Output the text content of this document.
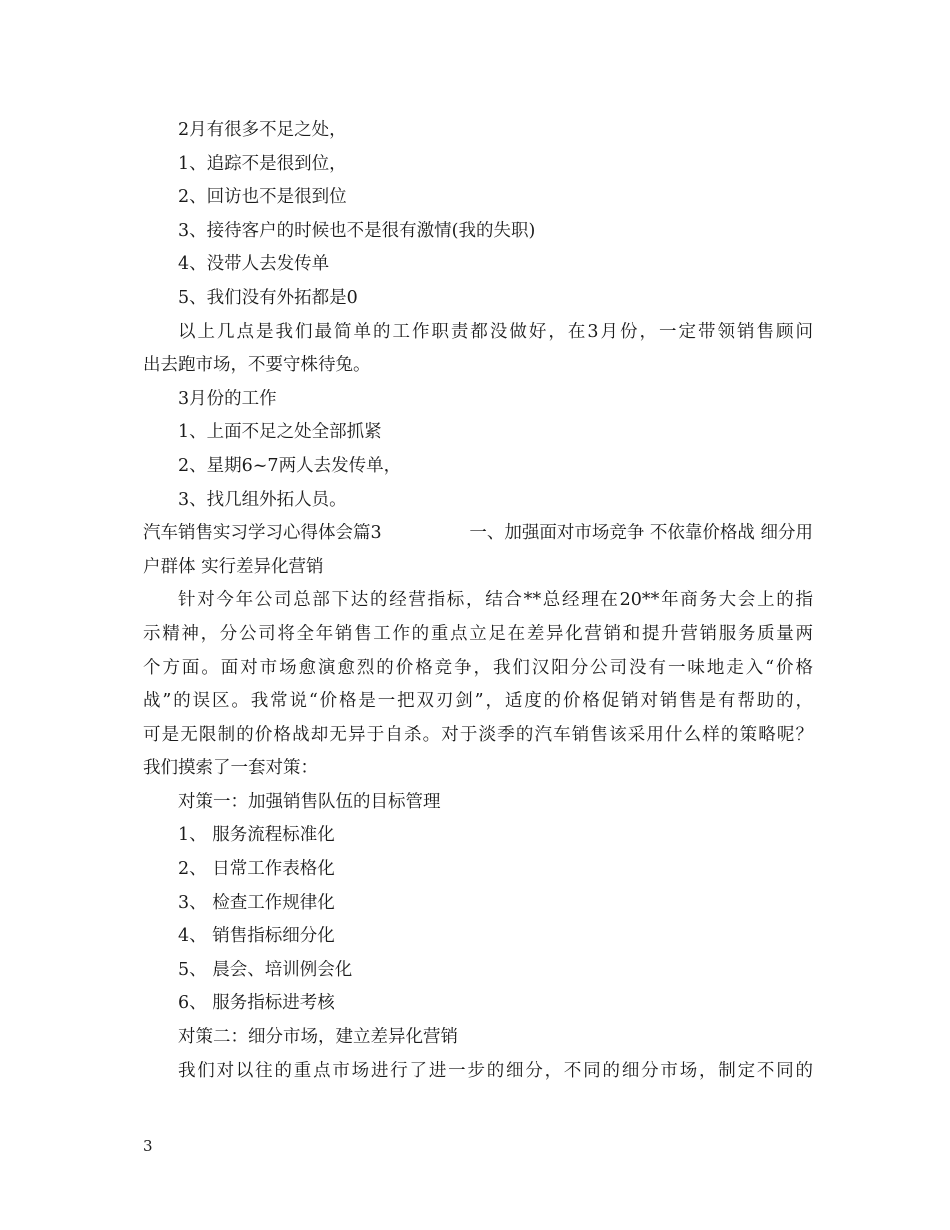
2月有很多不足之处，
1、追踪不是很到位，
2、回访也不是很到位
3、接待客户的时候也不是很有激情(我的失职)
4、没带人去发传单
5、我们没有外拓都是0
以上几点是我们最简单的工作职责都没做好，在3月份，一定带领销售顾问
出去跑市场，不要守株待兔。
3月份的工作
1、上面不足之处全部抓紧
2、星期6~7两人去发传单，
3、找几组外拓人员。
汽车销售实习学习心得体会篇3	一、加强面对市场竞争 不依靠价格战 细分用
户群体 实行差异化营销
针对今年公司总部下达的经营指标，结合**总经理在20**年商务大会上的指
示精神，分公司将全年销售工作的重点立足在差异化营销和提升营销服务质量两
个方面。面对市场愈演愈烈的价格竞争，我们汉阳分公司没有一味地走入“价格
战”的误区。我常说“价格是一把双刃剑”，适度的价格促销对销售是有帮助的，
可是无限制的价格战却无异于自杀。对于淡季的汽车销售该采用什么样的策略呢？
我们摸索了一套对策：
对策一：加强销售队伍的目标管理
1、 服务流程标准化
2、 日常工作表格化
3、 检查工作规律化
4、 销售指标细分化
5、 晨会、培训例会化
6、 服务指标进考核
对策二：细分市场，建立差异化营销
我们对以往的重点市场进行了进一步的细分，不同的细分市场，制定不同的
3
